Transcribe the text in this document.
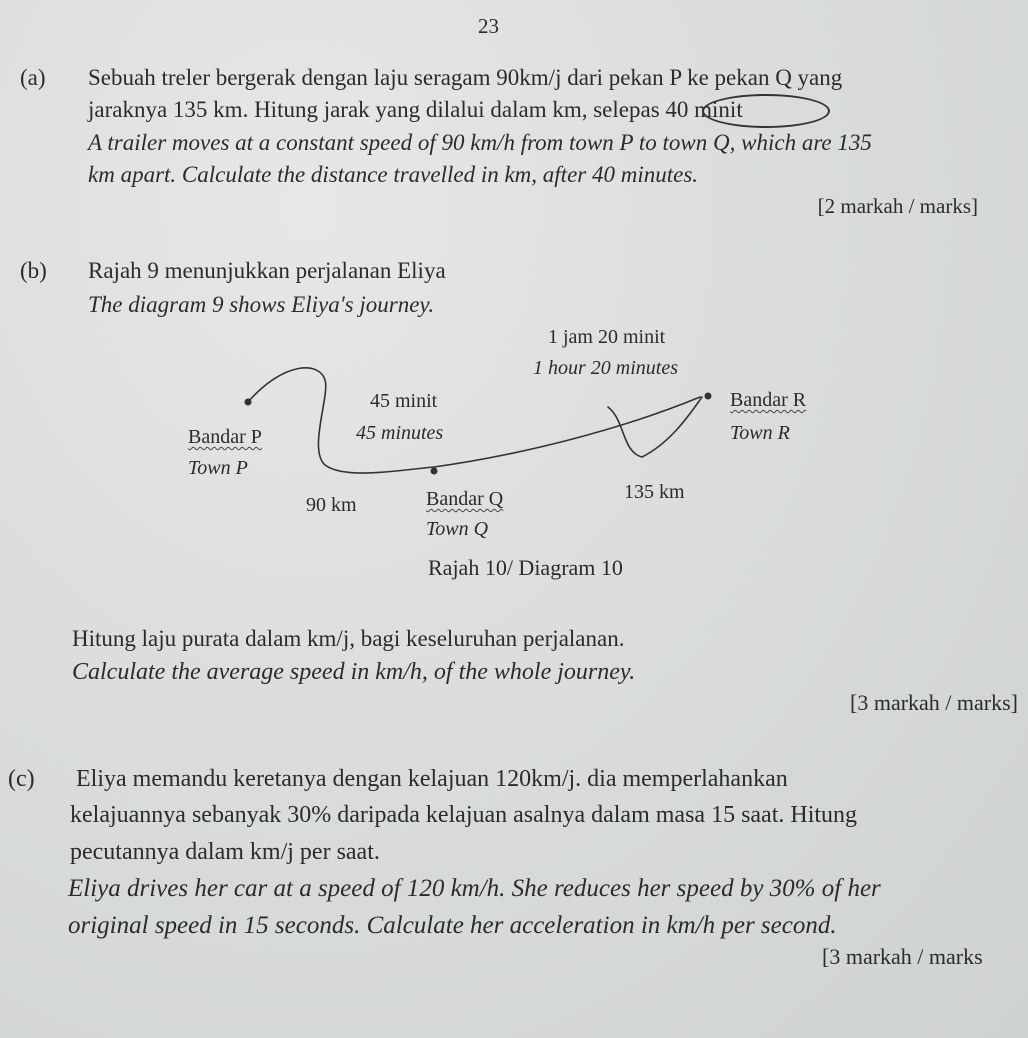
23
(a) Sebuah treler bergerak dengan laju seragam 90km/j dari pekan P ke pekan Q yang
jaraknya 135 km. Hitung jarak yang dilalui dalam km, selepas 40 minit
A trailer moves at a constant speed of 90 km/h from town P to town Q, which are 135
km apart. Calculate the distance travelled in km, after 40 minutes.
[2 markah / marks]
(b) Rajah 9 menunjukkan perjalanan Eliya
The diagram 9 shows Eliya's journey.
1 jam 20 minit
1 hour 20 minutes
45 minit
45 minutes
Bandar P
Town P
Bandar R
Town R
90 km	Bandar Q
Town Q
135 km
Rajah 10/ Diagram 10
Hitung laju purata dalam km/j, bagi keseluruhan perjalanan.
Calculate the average speed in km/h, of the whole journey.
[3 markah / marks]
(c) Eliya memandu keretanya dengan kelajuan 120km/j. dia memperlahankan
kelajuannya sebanyak 30% daripada kelajuan asalnya dalam masa 15 saat. Hitung
pecutannya dalam km/j per saat.
Eliya drives her car at a speed of 120 km/h. She reduces her speed by 30% of her
original speed in 15 seconds. Calculate her acceleration in km/h per second.
[3 markah / marks
